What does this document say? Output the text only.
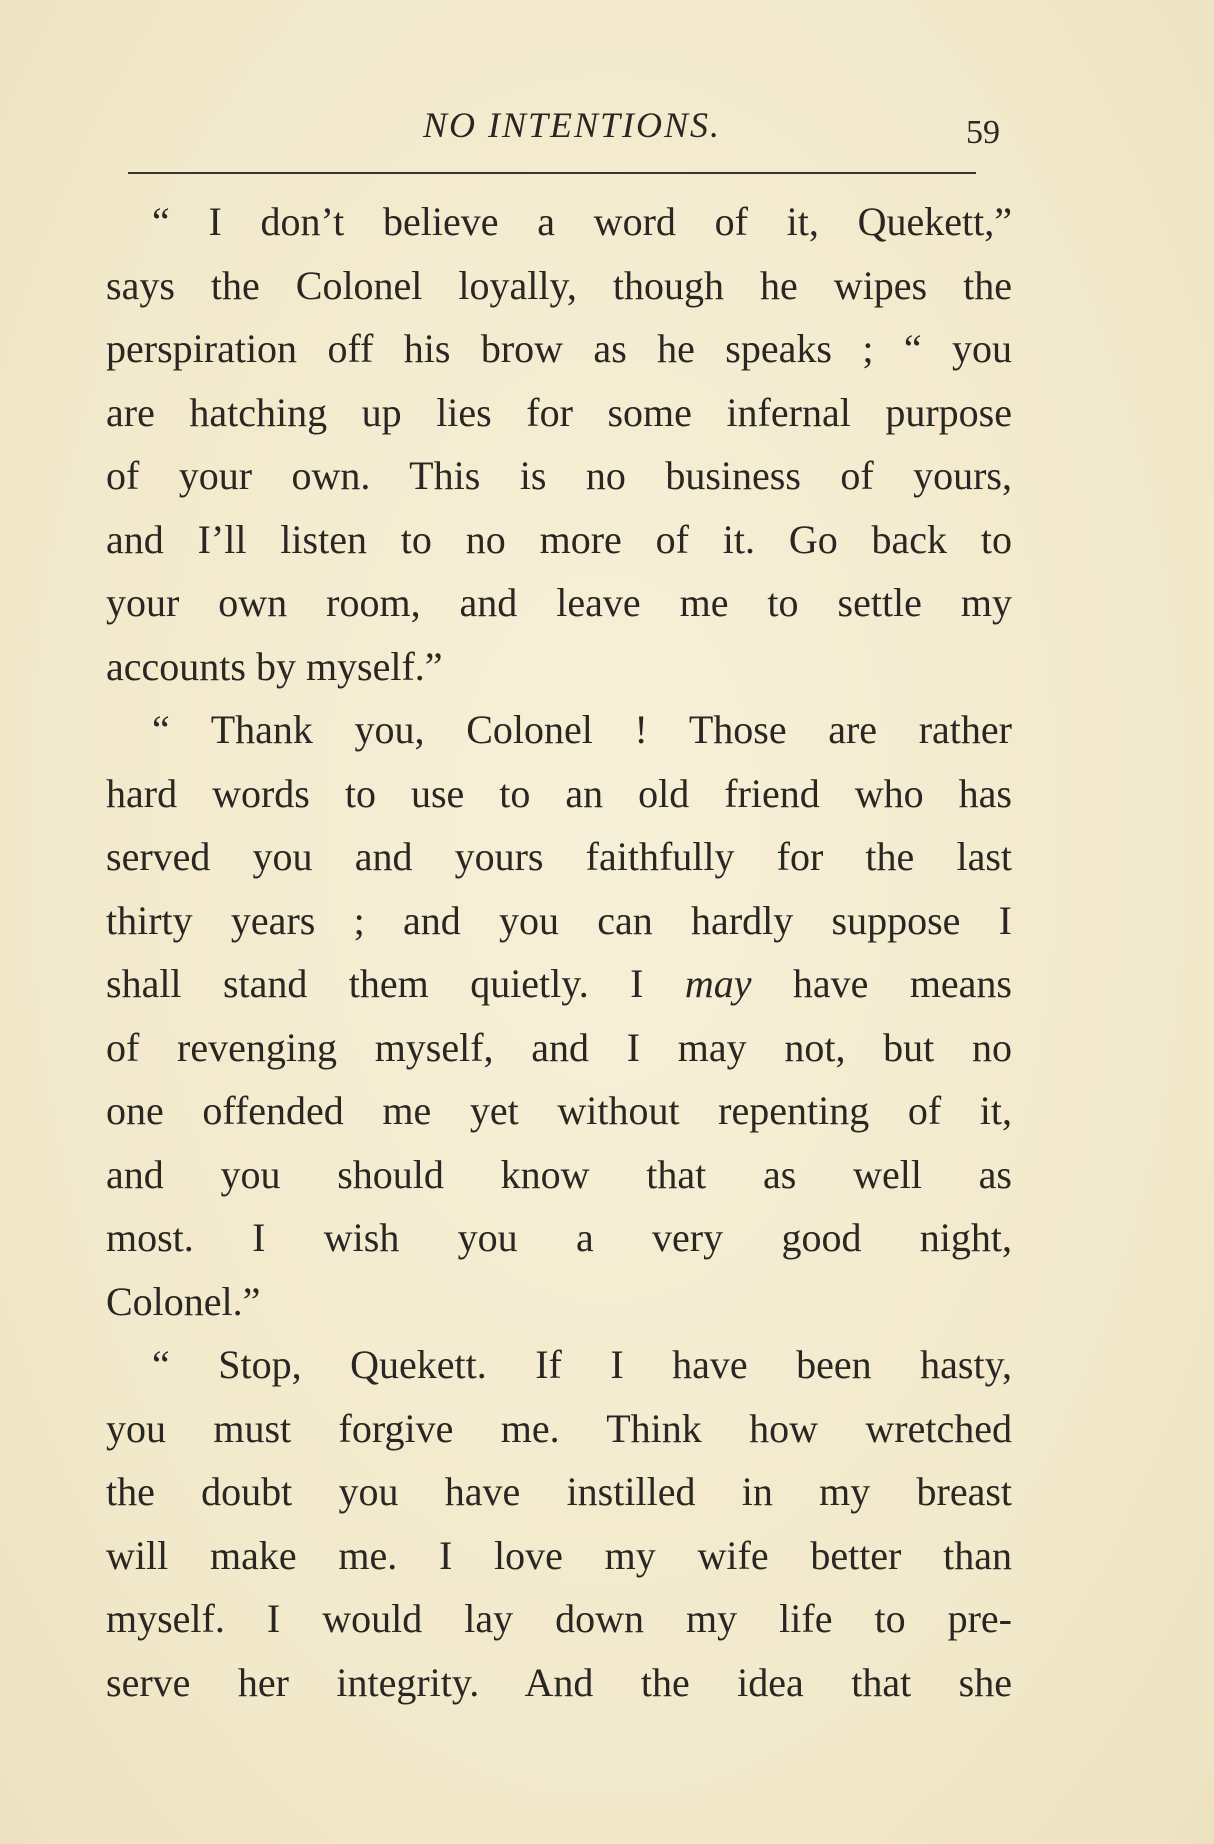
NO INTENTIONS.	59
“ I don’t believe a word of it, Quekett,”
says the Colonel loyally, though he wipes the
perspiration off his brow as he speaks ; “ you
are hatching up lies for some infernal purpose
of your own. This is no business of yours,
and I’ll listen to no more of it. Go back to
your own room, and leave me to settle my
accounts by myself.”
“ Thank you, Colonel ! Those are rather
hard words to use to an old friend who has
served you and yours faithfully for the last
thirty years ; and you can hardly suppose I
shall stand them quietly. I may have means
of revenging myself, and I may not, but no
one offended me yet without repenting of it,
and you should know that as well as
most. I wish you a very good night,
Colonel.”
“ Stop, Quekett. If I have been hasty,
you must forgive me. Think how wretched
the doubt you have instilled in my breast
will make me. I love my wife better than
myself. I would lay down my life to pre-
serve her integrity. And the idea that she
